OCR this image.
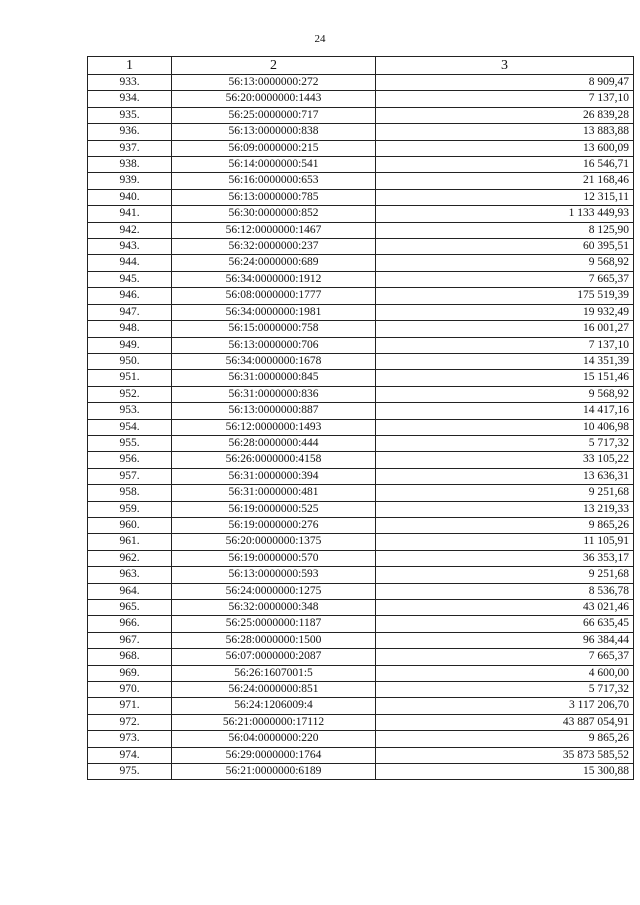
24
1	2	3
933.	56:13:0000000:272	8 909,47
934.	56:20:0000000:1443	7 137,10
935.	56:25:0000000:717	26 839,28
936.	56:13:0000000:838	13 883,88
937.	56:09:0000000:215	13 600,09
938.	56:14:0000000:541	16 546,71
939.	56:16:0000000:653	21 168,46
940.	56:13:0000000:785	12 315,11
941.	56:30:0000000:852	1 133 449,93
942.	56:12:0000000:1467	8 125,90
943.	56:32:0000000:237	60 395,51
944.	56:24:0000000:689	9 568,92
945.	56:34:0000000:1912	7 665,37
946.	56:08:0000000:1777	175 519,39
947.	56:34:0000000:1981	19 932,49
948.	56:15:0000000:758	16 001,27
949.	56:13:0000000:706	7 137,10
950.	56:34:0000000:1678	14 351,39
951.	56:31:0000000:845	15 151,46
952.	56:31:0000000:836	9 568,92
953.	56:13:0000000:887	14 417,16
954.	56:12:0000000:1493	10 406,98
955.	56:28:0000000:444	5 717,32
956.	56:26:0000000:4158	33 105,22
957.	56:31:0000000:394	13 636,31
958.	56:31:0000000:481	9 251,68
959.	56:19:0000000:525	13 219,33
960.	56:19:0000000:276	9 865,26
961.	56:20:0000000:1375	11 105,91
962.	56:19:0000000:570	36 353,17
963.	56:13:0000000:593	9 251,68
964.	56:24:0000000:1275	8 536,78
965.	56:32:0000000:348	43 021,46
966.	56:25:0000000:1187	66 635,45
967.	56:28:0000000:1500	96 384,44
968.	56:07:0000000:2087	7 665,37
969.	56:26:1607001:5	4 600,00
970.	56:24:0000000:851	5 717,32
971.	56:24:1206009:4	3 117 206,70
972.	56:21:0000000:17112	43 887 054,91
973.	56:04:0000000:220	9 865,26
974.	56:29:0000000:1764	35 873 585,52
975.	56:21:0000000:6189	15 300,88
